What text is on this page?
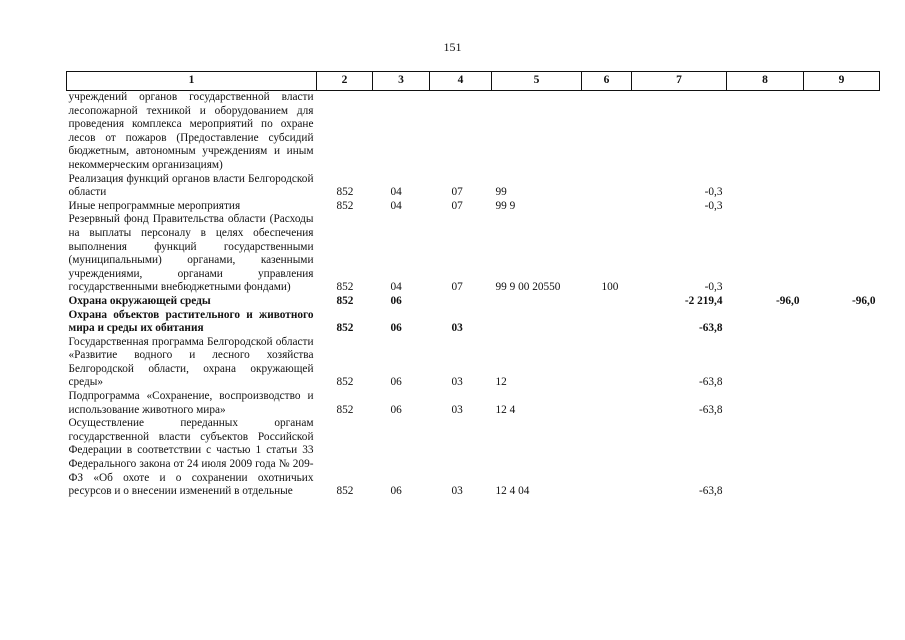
151
1	2	3	4	5	6	7	8	9
учреждений органов государственной власти лесопожарной техникой и оборудованием для проведения комплекса мероприятий по охране лесов от пожаров (Предоставление субсидий бюджетным, автономным учреждениям и иным некоммерческим организациям)								
Реализация функций органов власти Белгородской области	852	04	07	99		-0,3		
Иные непрограммные мероприятия	852	04	07	99 9		-0,3		
Резервный фонд Правительства области (Расходы на выплаты персоналу в целях обеспечения выполнения функций государственными (муниципальными) органами, казенными учреждениями, органами управления государственными внебюджетными фондами)	852	04	07	99 9 00 20550	100	-0,3		
Охрана окружающей среды	852	06				-2 219,4	-96,0	-96,0
Охрана объектов растительного и животного мира и среды их обитания	852	06	03			-63,8		
Государственная программа Белгородской области «Развитие водного и лесного хозяйства Белгородской области, охрана окружающей среды»	852	06	03	12		-63,8		
Подпрограмма «Сохранение, воспроизводство и использование животного мира»	852	06	03	12 4		-63,8		
Осуществление переданных органам государственной власти субъектов Российской Федерации в соответствии с частью 1 статьи 33 Федерального закона от 24 июля 2009 года № 209-ФЗ «Об охоте и о сохранении охотничьих ресурсов и о внесении изменений в отдельные	852	06	03	12 4 04		-63,8		
